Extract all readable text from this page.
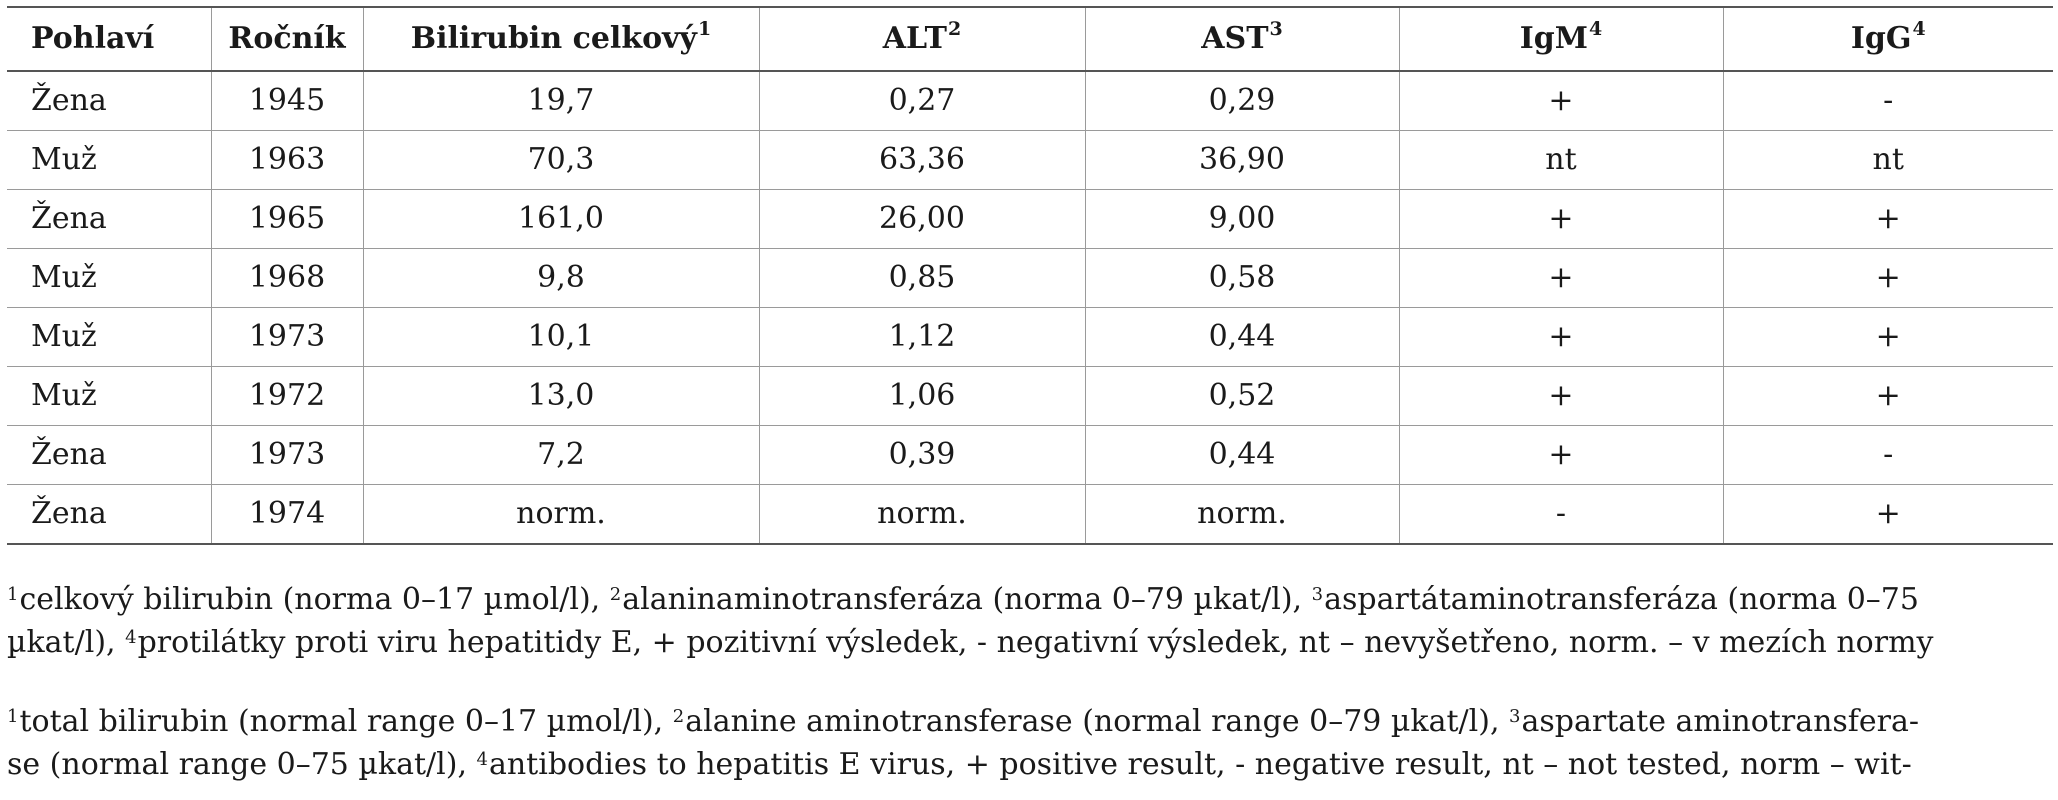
Pohlaví	Ročník	Bilirubin celkový$^1$	ALT$^2$	AST$^3$	IgM$^4$	IgG$^4$
Žena	1945	19,7	0,27	0,29	+	-
Muž	1963	70,3	63,36	36,90	nt	nt
Žena	1965	161,0	26,00	9,00	+	+
Muž	1968	9,8	0,85	0,58	+	+
Muž	1973	10,1	1,12	0,44	+	+
Muž	1972	13,0	1,06	0,52	+	+
Žena	1973	7,2	0,39	0,44	+	-
Žena	1974	norm.	norm.	norm.	-	+
$^1$celkový bilirubin (norma 0–17 µmol/l), $^2$alaninaminotransferáza (norma 0–79 µkat/l), $^3$aspartátaminotransferáza (norma 0–75
µkat/l), $^4$protilátky proti viru hepatitidy E, + pozitivní výsledek, - negativní výsledek, nt – nevyšetřeno, norm. – v mezích normy
$^1$total bilirubin (normal range 0–17 µmol/l), $^2$alanine aminotransferase (normal range 0–79 µkat/l), $^3$aspartate aminotransfera-
se (normal range 0–75 µkat/l), $^4$antibodies to hepatitis E virus, + positive result, - negative result, nt – not tested, norm – wit-
